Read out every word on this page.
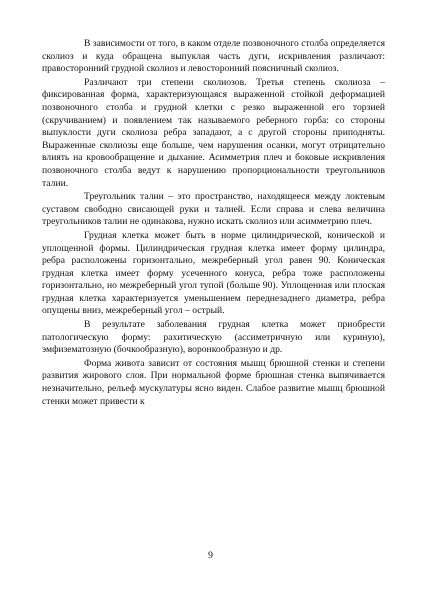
В зависимости от того, в каком отделе позвоночного столба определяется сколиоз и куда обращена выпуклая часть дуги, искривления различают: правосторонний грудной сколиоз и левосторонний поясничный сколиоз.

Различают три степени сколиозов. Третья степень сколиоза – фиксированная форма, характеризующаяся выраженной стойкой деформацией позвоночного столба и грудной клетки с резко выраженной его торзией (скручиванием) и появлением так называемого реберного горба: со стороны выпуклости дуги сколиоза ребра западают, а с другой стороны приподняты. Выраженные сколиозы еще больше, чем нарушения осанки, могут отрицательно влиять на кровообращение и дыхание. Асимметрия плеч и боковые искривления позвоночного столба ведут к нарушению пропорциональности треугольников талии.

Треугольник талии – это пространство, находящееся между локтевым суставом свободно свисающей руки и талией. Если справа и слева величина треугольников талии не одинакова, нужно искать сколиоз или асимметрию плеч.

Грудная клетка может быть в норме цилиндрической, конической и уплощенной формы. Цилиндрическая грудная клетка имеет форму цилиндра, ребра расположены горизонтально, межреберный угол равен 90. Коническая грудная клетка имеет форму усеченного конуса, ребра тоже расположены горизонтально, но межреберный угол тупой (больше 90). Уплощенная или плоская грудная клетка характеризуется уменьшением переднезаднего диаметра, ребра опущены вниз, межреберный угол – острый.

В результате заболевания грудная клетка может приобрести патологическую форму: рахитическую (ассиметричную или куриную), эмфизематозную (бочкообразную), воронкообразную и др.

Форма живота зависит от состояния мышц брюшной стенки и степени развития жирового слоя. При нормальной форме брюшная стенка выпячивается незначительно, рельеф мускулатуры ясно виден. Слабое развитие мышц брюшной стенки может привести к

9
